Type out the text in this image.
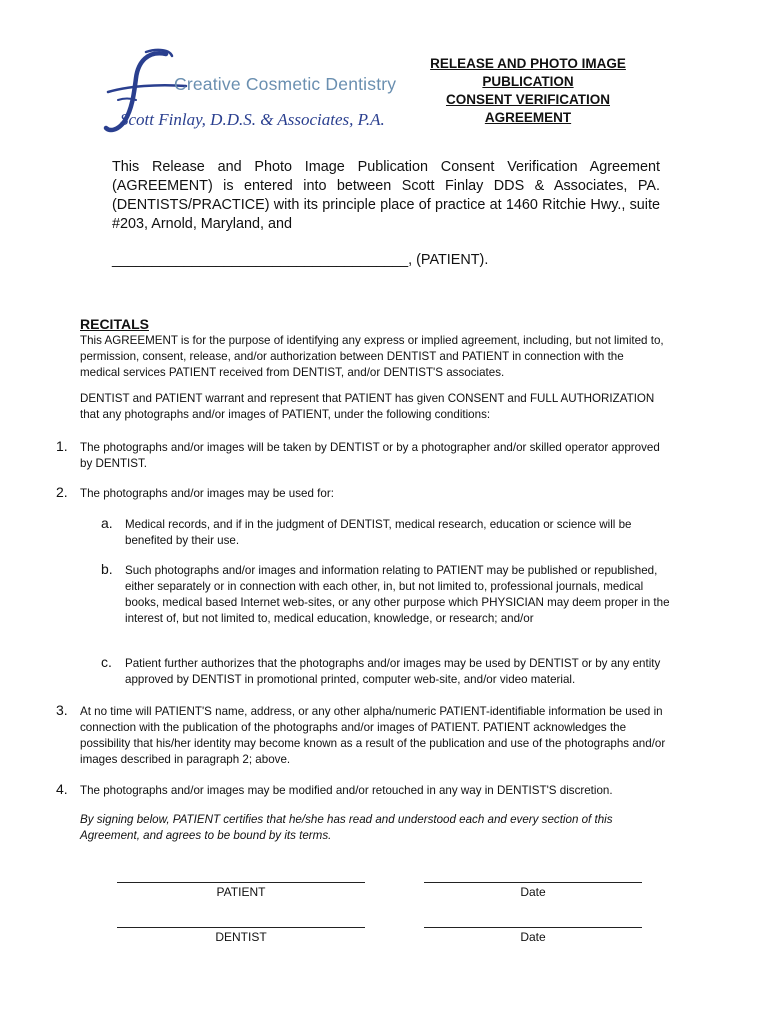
Creative Cosmetic Dentistry
Scott Finlay, D.D.S. & Associates, P.A.
RELEASE AND PHOTO IMAGE
PUBLICATION
CONSENT VERIFICATION
AGREEMENT
This Release and Photo Image Publication Consent Verification Agreement (AGREEMENT) is entered into between Scott Finlay DDS & Associates, PA. (DENTISTS/PRACTICE) with its principle place of practice at 1460 Ritchie Hwy., suite #203, Arnold, Maryland, and
_____________________________________, (PATIENT).
RECITALS
This AGREEMENT is for the purpose of identifying any express or implied agreement, including, but not limited to, permission, consent, release, and/or authorization between DENTIST and PATIENT in connection with the medical services PATIENT received from DENTIST, and/or DENTIST'S associates.
DENTIST and PATIENT warrant and represent that PATIENT has given CONSENT and FULL AUTHORIZATION that any photographs and/or images of PATIENT, under the following conditions:
1. The photographs and/or images will be taken by DENTIST or by a photographer and/or skilled operator approved by DENTIST.
2. The photographs and/or images may be used for:
a. Medical records, and if in the judgment of DENTIST, medical research, education or science will be benefited by their use.
b. Such photographs and/or images and information relating to PATIENT may be published or republished, either separately or in connection with each other, in, but not limited to, professional journals, medical books, medical based Internet web-sites, or any other purpose which PHYSICIAN may deem proper in the interest of, but not limited to, medical education, knowledge, or research; and/or
c. Patient further authorizes that the photographs and/or images may be used by DENTIST or by any entity approved by DENTIST in promotional printed, computer web-site, and/or video material.
3. At no time will PATIENT'S name, address, or any other alpha/numeric PATIENT-identifiable information be used in connection with the publication of the photographs and/or images of PATIENT. PATIENT acknowledges the possibility that his/her identity may become known as a result of the publication and use of the photographs and/or images described in paragraph 2; above.
4. The photographs and/or images may be modified and/or retouched in any way in DENTIST'S discretion.
By signing below, PATIENT certifies that he/she has read and understood each and every section of this Agreement, and agrees to be bound by its terms.
PATIENT	Date
DENTIST	Date
